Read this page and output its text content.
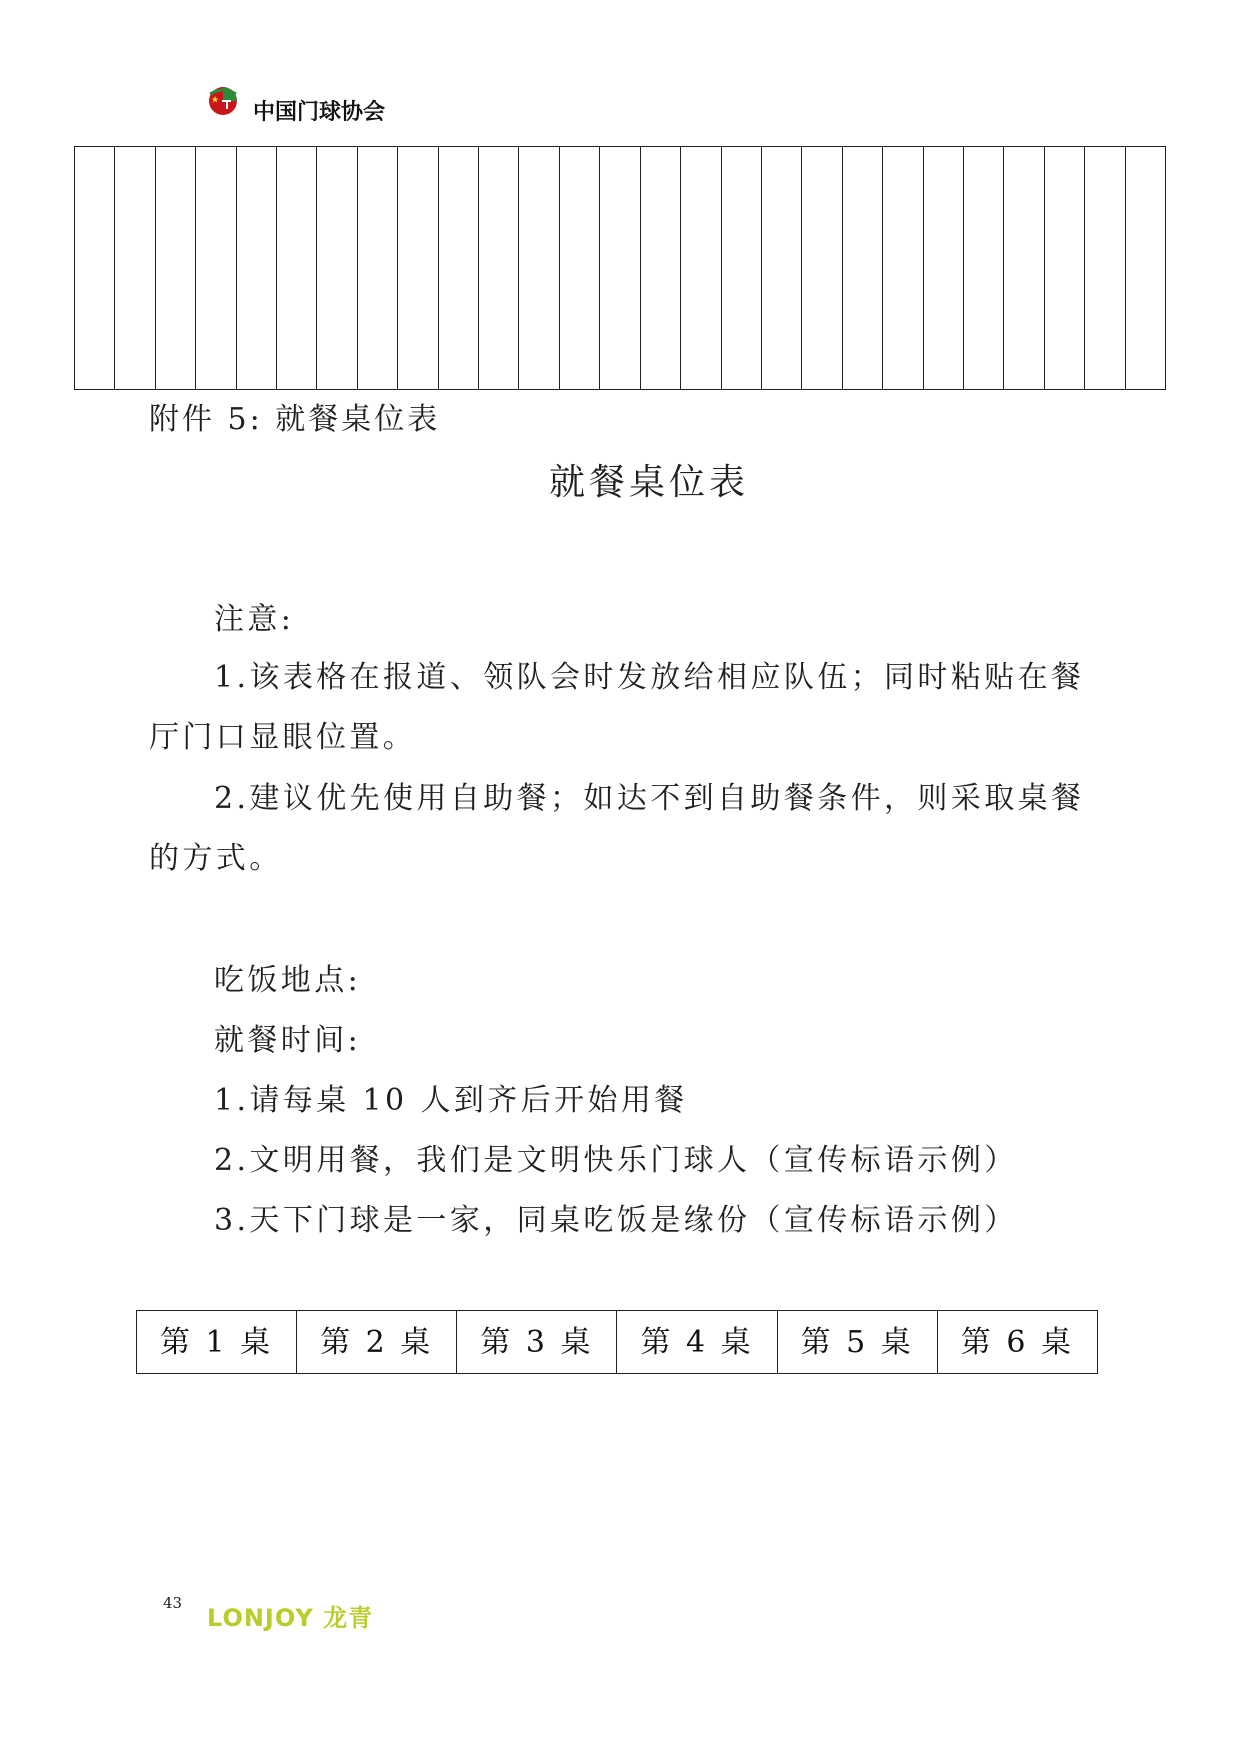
中国门球协会
附件 5: 就餐桌位表
就餐桌位表
注意:
1.该表格在报道、领队会时发放给相应队伍；同时粘贴在餐
厅门口显眼位置。
2.建议优先使用自助餐；如达不到自助餐条件，则采取桌餐
的方式。
吃饭地点:
就餐时间:
1.请每桌 10 人到齐后开始用餐
2.文明用餐，我们是文明快乐门球人（宣传标语示例）
3.天下门球是一家，同桌吃饭是缘份（宣传标语示例）
第 1 桌	第 2 桌	第 3 桌	第 4 桌	第 5 桌	第 6 桌
43
LONJOY 龙青
